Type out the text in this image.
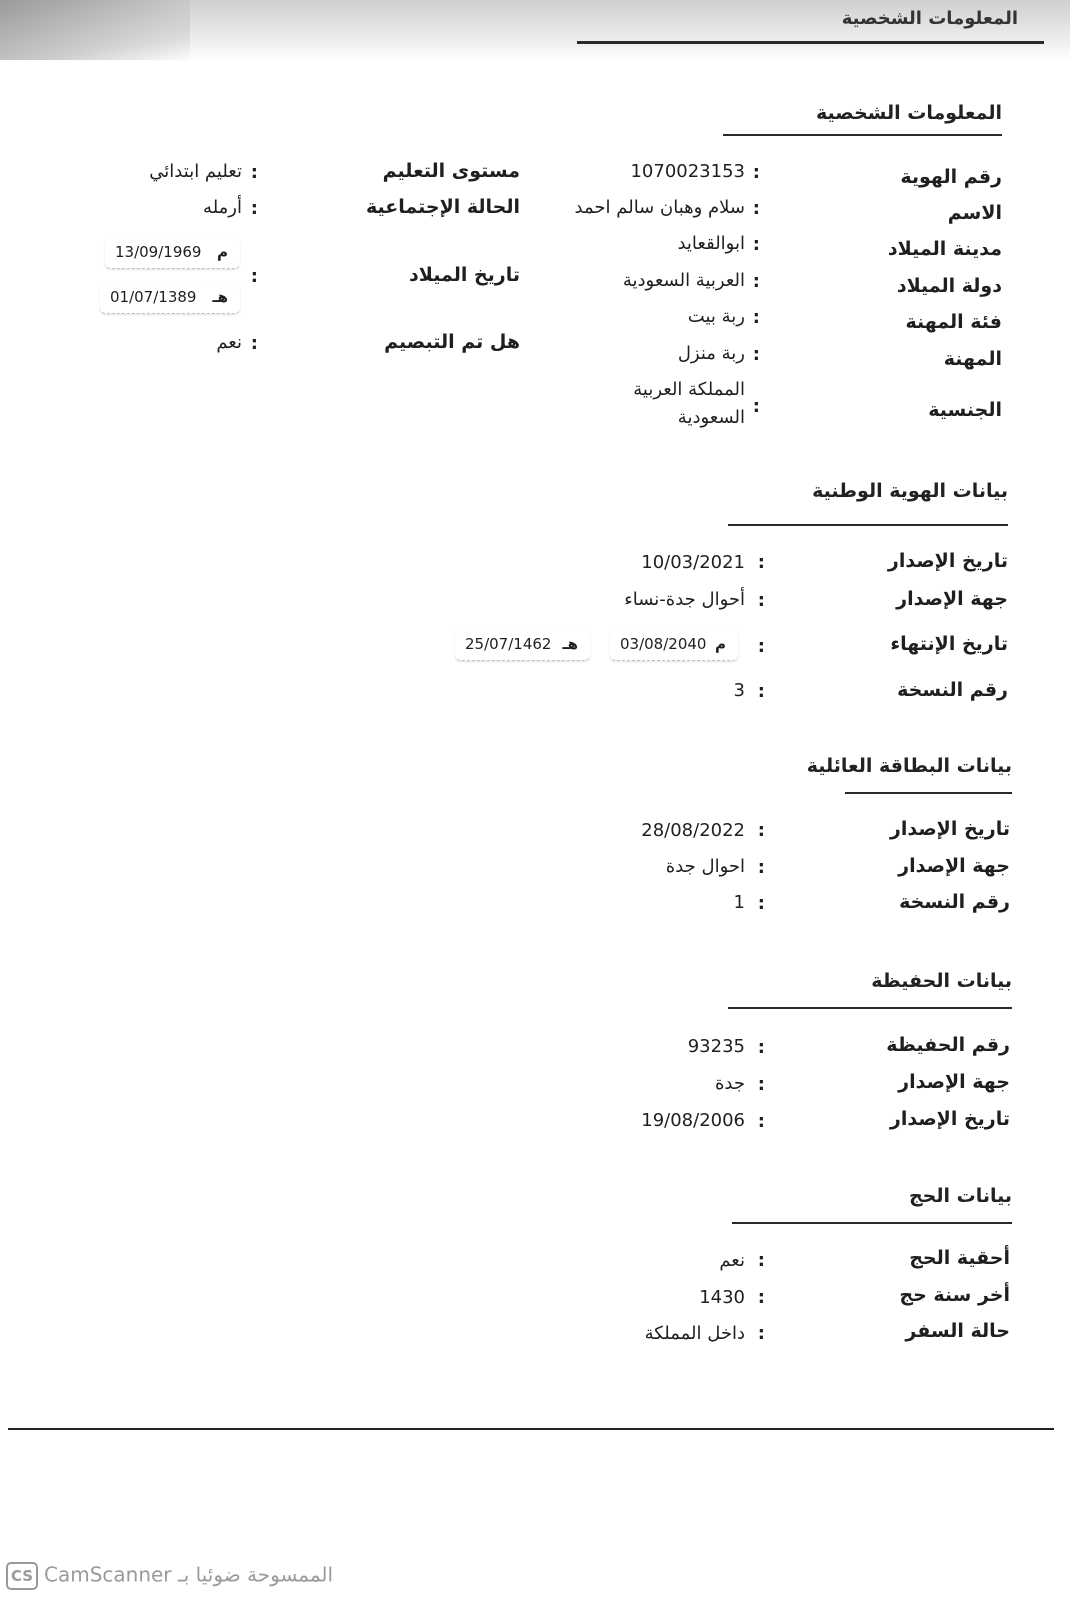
المعلومات الشخصية
المعلومات الشخصية
رقم الهوية
الاسم
مدينة الميلاد
دولة الميلاد
فئة المهنة
المهنة
الجنسية
:
:
:
:
:
:
:
1070023153
سلام وهبان سالم احمد
ابوالقعايد
العربية السعودية
ربة بيت
ربة منزل
المملكة العربية
السعودية
مستوى التعليم
الحالة الإجتماعية
تاريخ الميلاد
هل تم التبصيم
:
:
:
:
تعليم ابتدائي
أرمله
نعم
13/09/1969 م
01/07/1389 هـ
بيانات الهوية الوطنية
تاريخ الإصدار
جهة الإصدار
تاريخ الإنتهاء
رقم النسخة
:
:
:
:
10/03/2021
أحوال جدة-نساء
3
03/08/2040 م
25/07/1462 هـ
بيانات البطاقة العائلية
تاريخ الإصدار
جهة الإصدار
رقم النسخة
:
:
:
28/08/2022
احوال جدة
1
بيانات الحفيظة
رقم الحفيظة
جهة الإصدار
تاريخ الإصدار
:
:
:
93235
جدة
19/08/2006
بيانات الحج
أحقية الحج
أخر سنة حج
حالة السفر
:
:
:
نعم
1430
داخل المملكة
CS CamScanner الممسوحة ضوئيا بـ
